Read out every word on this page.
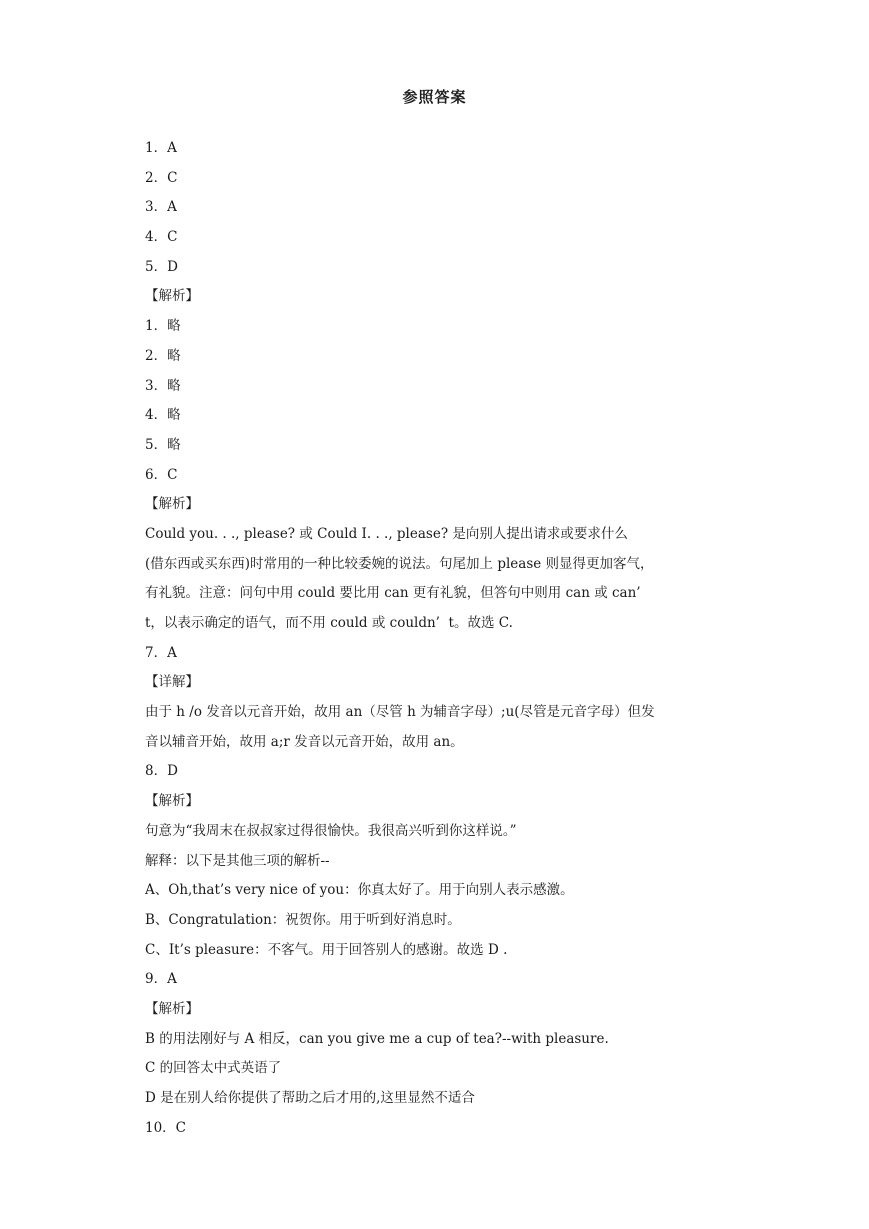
参照答案
1．A
2．C
3．A
4．C
5．D
【解析】
1．略
2．略
3．略
4．略
5．略
6．C
【解析】
Could you. . ., please? 或 Could I. . ., please? 是向别人提出请求或要求什么
(借东西或买东西)时常用的一种比较委婉的说法。句尾加上 please 则显得更加客气，
有礼貌。注意：问句中用 could 要比用 can 更有礼貌，但答句中则用 can 或 can’
t，以表示确定的语气，而不用 could 或 couldn’  t。故选 C.
7．A
【详解】
由于 h /o 发音以元音开始，故用 an（尽管 h 为辅音字母）;u(尽管是元音字母）但发
音以辅音开始，故用 a;r 发音以元音开始，故用 an。
8．D
【解析】
句意为“我周末在叔叔家过得很愉快。我很高兴听到你这样说。”
解释：以下是其他三项的解析--
A、Oh,that’s very nice of you：你真太好了。用于向别人表示感激。
B、Congratulation：祝贺你。用于听到好消息时。
C、It’s pleasure：不客气。用于回答别人的感谢。故选 D .
9．A
【解析】
B 的用法刚好与 A 相反，can you give me a cup of tea?--with pleasure.
C 的回答太中式英语了
D 是在别人给你提供了帮助之后才用的,这里显然不适合
10．C
